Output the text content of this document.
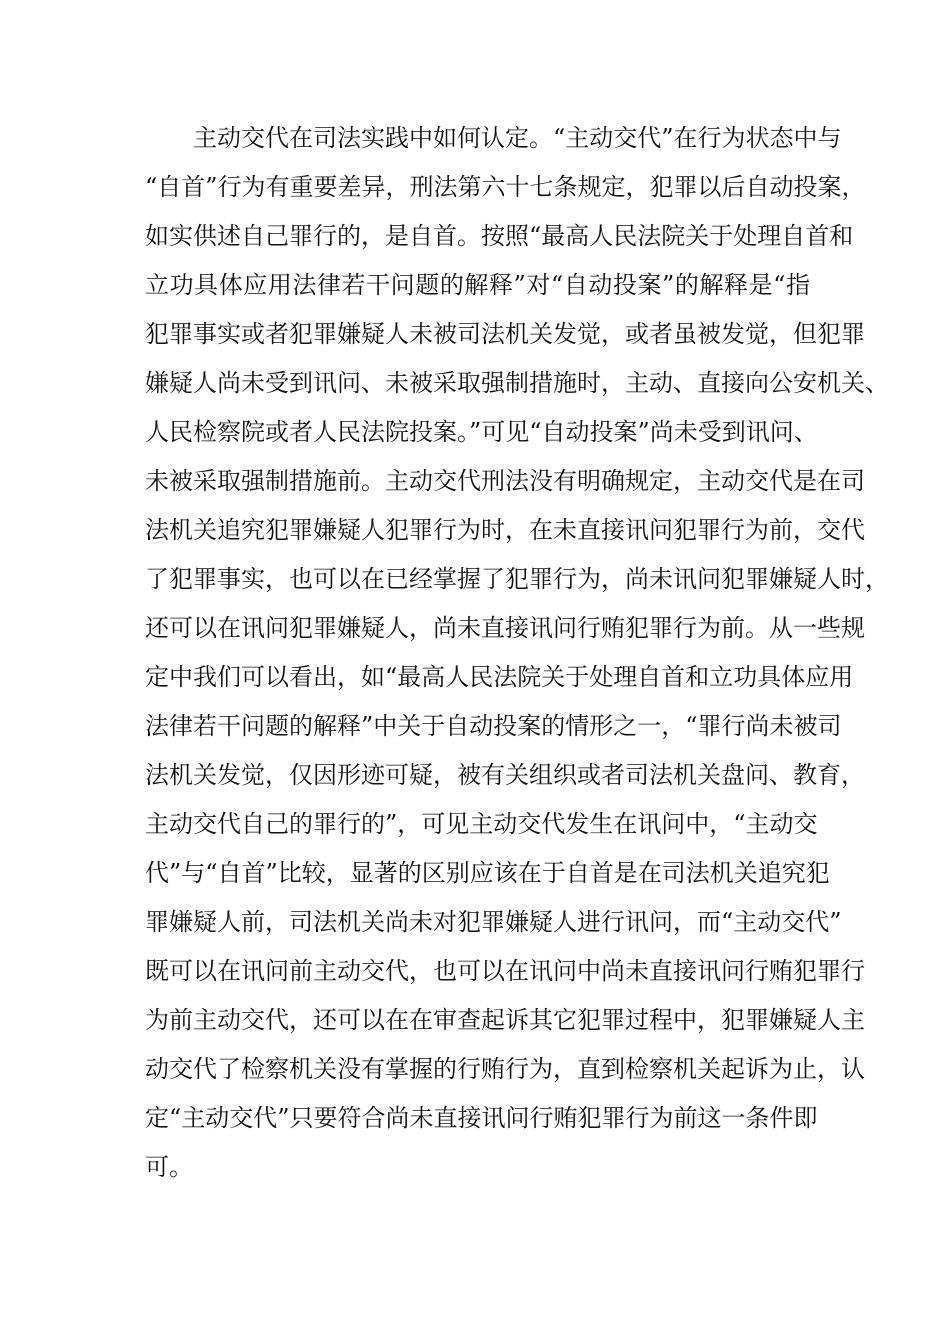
主动交代在司法实践中如何认定。“主动交代”在行为状态中与
“自首”行为有重要差异，刑法第六十七条规定，犯罪以后自动投案，
如实供述自己罪行的，是自首。按照“最高人民法院关于处理自首和
立功具体应用法律若干问题的解释”对“自动投案”的解释是“指
犯罪事实或者犯罪嫌疑人未被司法机关发觉，或者虽被发觉，但犯罪
嫌疑人尚未受到讯问、未被采取强制措施时，主动、直接向公安机关、
人民检察院或者人民法院投案。”可见“自动投案”尚未受到讯问、
未被采取强制措施前。主动交代刑法没有明确规定，主动交代是在司
法机关追究犯罪嫌疑人犯罪行为时，在未直接讯问犯罪行为前，交代
了犯罪事实，也可以在已经掌握了犯罪行为，尚未讯问犯罪嫌疑人时，
还可以在讯问犯罪嫌疑人，尚未直接讯问行贿犯罪行为前。从一些规
定中我们可以看出，如“最高人民法院关于处理自首和立功具体应用
法律若干问题的解释”中关于自动投案的情形之一，“罪行尚未被司
法机关发觉，仅因形迹可疑，被有关组织或者司法机关盘问、教育，
主动交代自己的罪行的”，可见主动交代发生在讯问中，“主动交
代”与“自首”比较，显著的区别应该在于自首是在司法机关追究犯
罪嫌疑人前，司法机关尚未对犯罪嫌疑人进行讯问，而“主动交代”
既可以在讯问前主动交代，也可以在讯问中尚未直接讯问行贿犯罪行
为前主动交代，还可以在在审查起诉其它犯罪过程中，犯罪嫌疑人主
动交代了检察机关没有掌握的行贿行为，直到检察机关起诉为止，认
定“主动交代”只要符合尚未直接讯问行贿犯罪行为前这一条件即
可。
